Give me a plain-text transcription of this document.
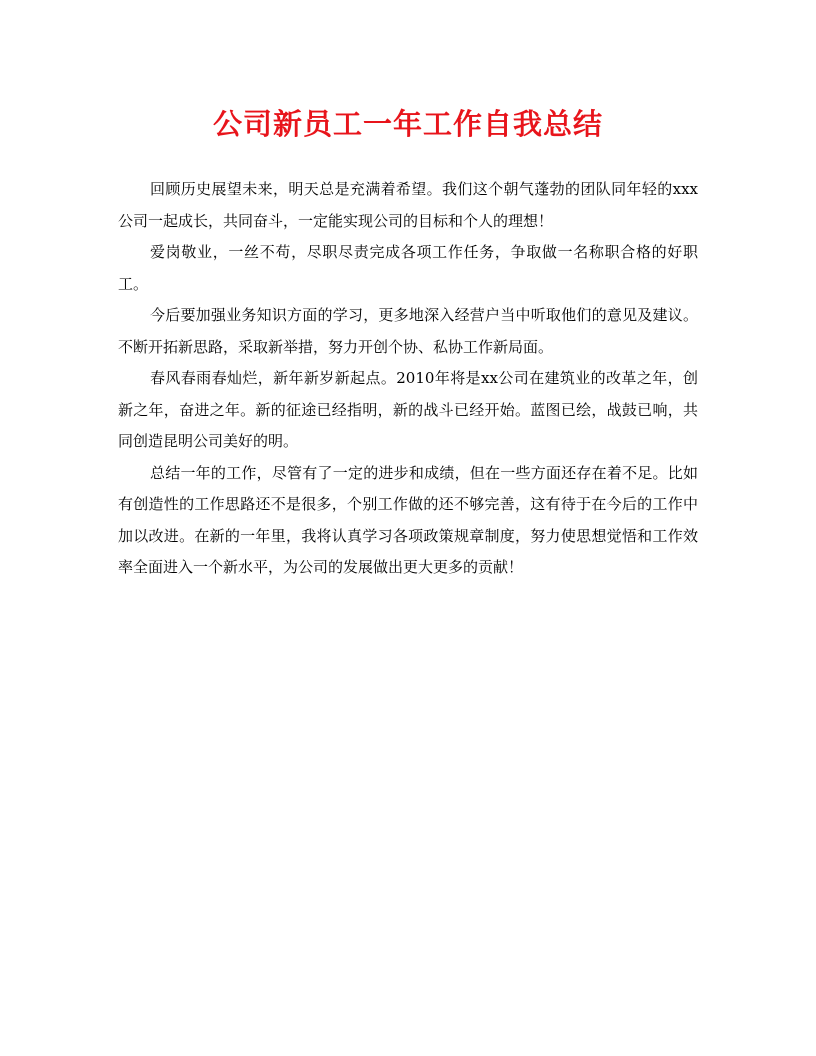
公司新员工一年工作自我总结

回顾历史展望未来，明天总是充满着希望。我们这个朝气蓬勃的团队同年轻的xxx公司一起成长，共同奋斗，一定能实现公司的目标和个人的理想！

爱岗敬业，一丝不苟，尽职尽责完成各项工作任务，争取做一名称职合格的好职工。

今后要加强业务知识方面的学习，更多地深入经营户当中听取他们的意见及建议。不断开拓新思路，采取新举措，努力开创个协、私协工作新局面。

春风春雨春灿烂，新年新岁新起点。2010年将是xx公司在建筑业的改革之年，创新之年，奋进之年。新的征途已经指明，新的战斗已经开始。蓝图已绘，战鼓已响，共同创造昆明公司美好的明。

总结一年的工作，尽管有了一定的进步和成绩，但在一些方面还存在着不足。比如有创造性的工作思路还不是很多，个别工作做的还不够完善，这有待于在今后的工作中加以改进。在新的一年里，我将认真学习各项政策规章制度，努力使思想觉悟和工作效率全面进入一个新水平，为公司的发展做出更大更多的贡献！
